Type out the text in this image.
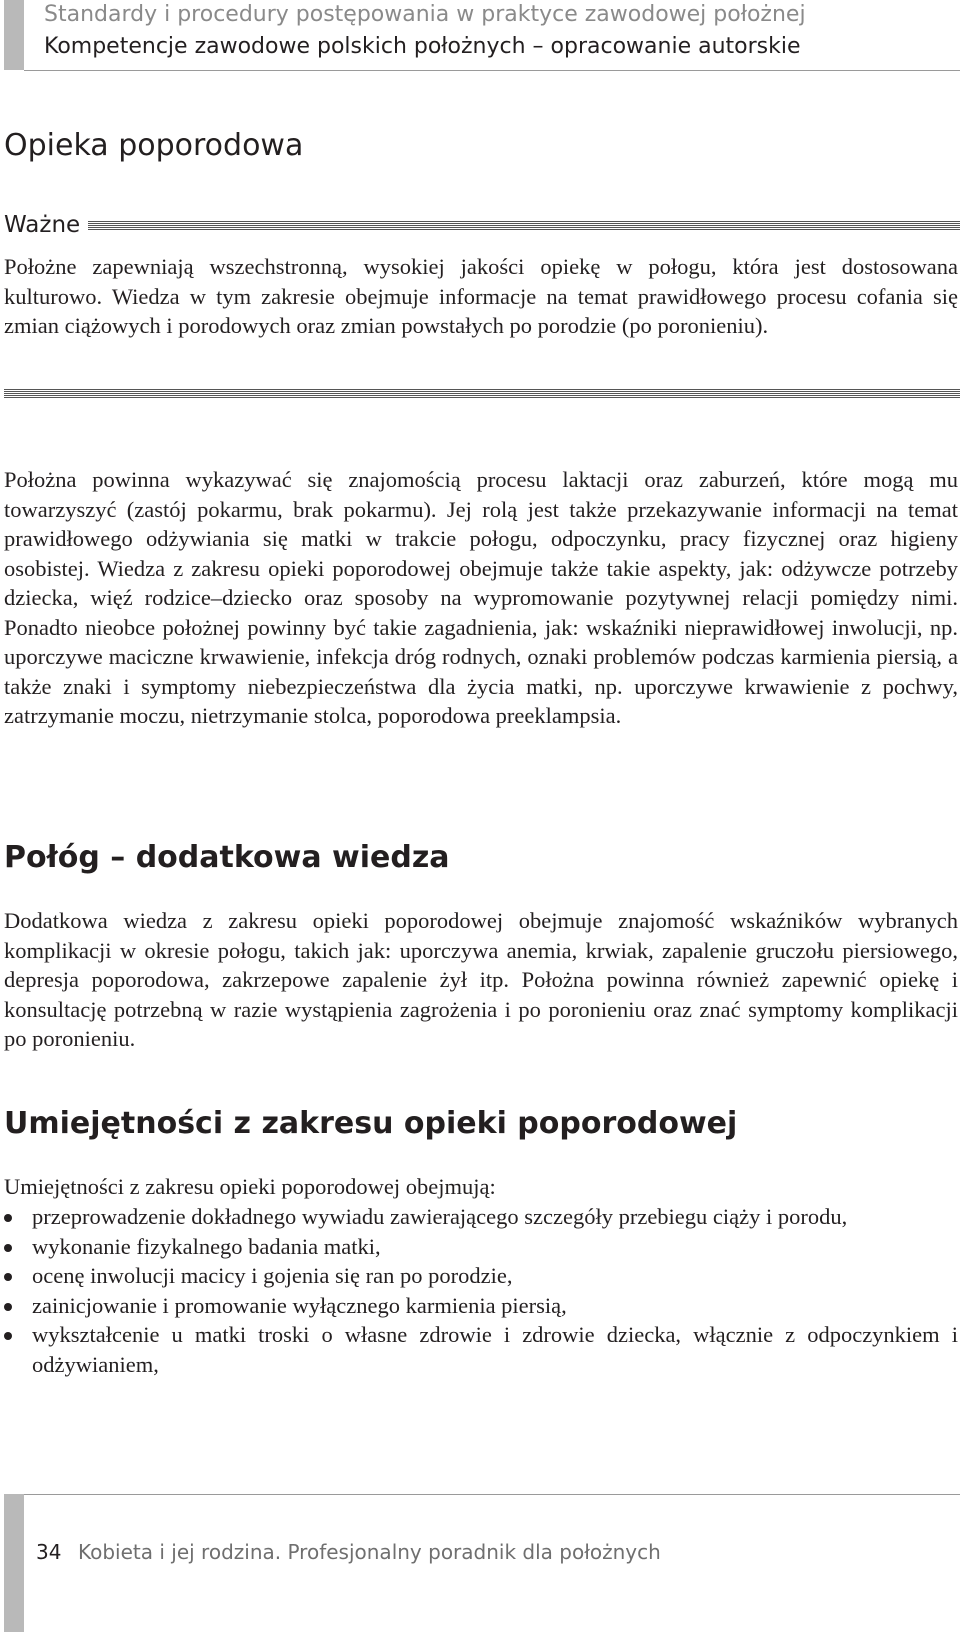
Standardy i procedury postępowania w praktyce zawodowej położnej
Kompetencje zawodowe polskich położnych – opracowanie autorskie
Opieka poporodowa
Ważne

Położne zapewniają wszechstronną, wysokiej jakości opiekę w połogu, która jest dostosowana kulturowo. Wiedza w tym zakresie obejmuje informacje na temat prawidłowego procesu cofania się zmian ciążowych i porodowych oraz zmian powstałych po porodzie (po poronieniu).

Położna powinna wykazywać się znajomością procesu laktacji oraz zaburzeń, które mogą mu towarzyszyć (zastój pokarmu, brak pokarmu). Jej rolą jest także przekazywanie informacji na temat prawidłowego odżywiania się matki w trakcie połogu, odpoczynku, pracy fizycznej oraz higieny osobistej. Wiedza z zakresu opieki poporodowej obejmuje także takie aspekty, jak: odżywcze potrzeby dziecka, więź rodzice–dziecko oraz sposoby na wypromowanie pozytywnej relacji pomiędzy nimi. Ponadto nieobce położnej powinny być takie zagadnienia, jak: wskaźniki nieprawidłowej inwolucji, np. uporczywe maciczne krwawienie, infekcja dróg rodnych, oznaki problemów podczas karmienia piersią, a także znaki i symptomy niebezpieczeństwa dla życia matki, np. uporczywe krwawienie z pochwy, zatrzymanie moczu, nietrzymanie stolca, poporodowa preeklampsia.

Połóg – dodatkowa wiedza

Dodatkowa wiedza z zakresu opieki poporodowej obejmuje znajomość wskaźników wybranych komplikacji w okresie połogu, takich jak: uporczywa anemia, krwiak, zapalenie gruczołu piersiowego, depresja poporodowa, zakrzepowe zapalenie żył itp. Położna powinna również zapewnić opiekę i konsultację potrzebną w razie wystąpienia zagrożenia i po poronieniu oraz znać symptomy komplikacji po poronieniu.

Umiejętności z zakresu opieki poporodowej

Umiejętności z zakresu opieki poporodowej obejmują:

przeprowadzenie dokładnego wywiadu zawierającego szczegóły przebiegu ciąży i porodu,
wykonanie fizykalnego badania matki,
ocenę inwolucji macicy i gojenia się ran po porodzie,
zainicjowanie i promowanie wyłącznego karmienia piersią,
wykształcenie u matki troski o własne zdrowie i zdrowie dziecka, włącznie z odpoczynkiem i odżywianiem,
34 Kobieta i jej rodzina. Profesjonalny poradnik dla położnych
